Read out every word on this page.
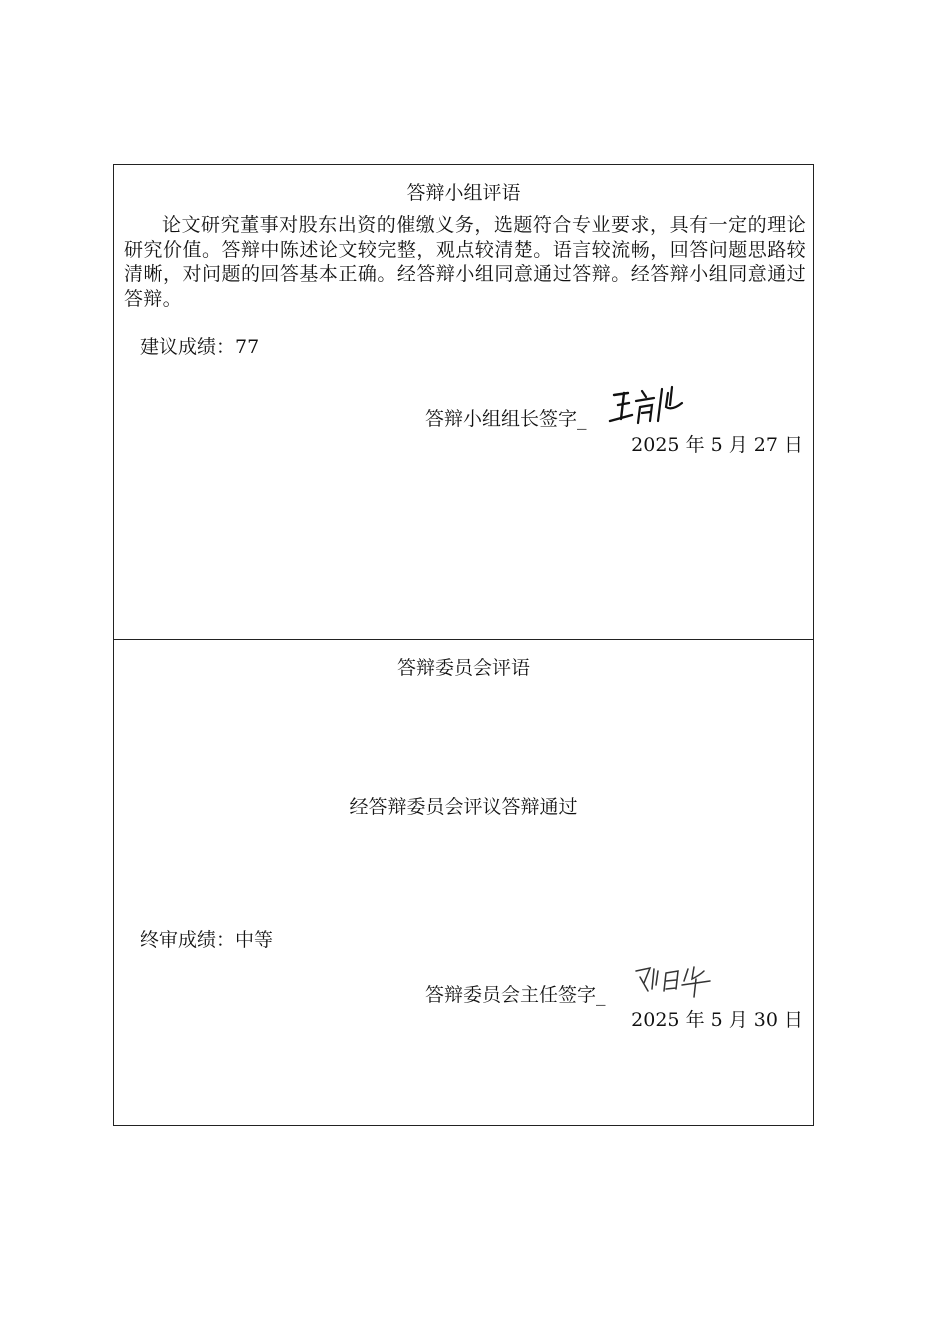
答辩小组评语
论文研究董事对股东出资的催缴义务，选题符合专业要求，具有一定的理论研究价值。答辩中陈述论文较完整，观点较清楚。语言较流畅，回答问题思路较清晰，对问题的回答基本正确。经答辩小组同意通过答辩。经答辩小组同意通过答辩。
建议成绩：77
答辩小组组长签字_
2025 年 5 月 27 日
答辩委员会评语
经答辩委员会评议答辩通过
终审成绩：中等
答辩委员会主任签字_
2025 年 5 月 30 日
